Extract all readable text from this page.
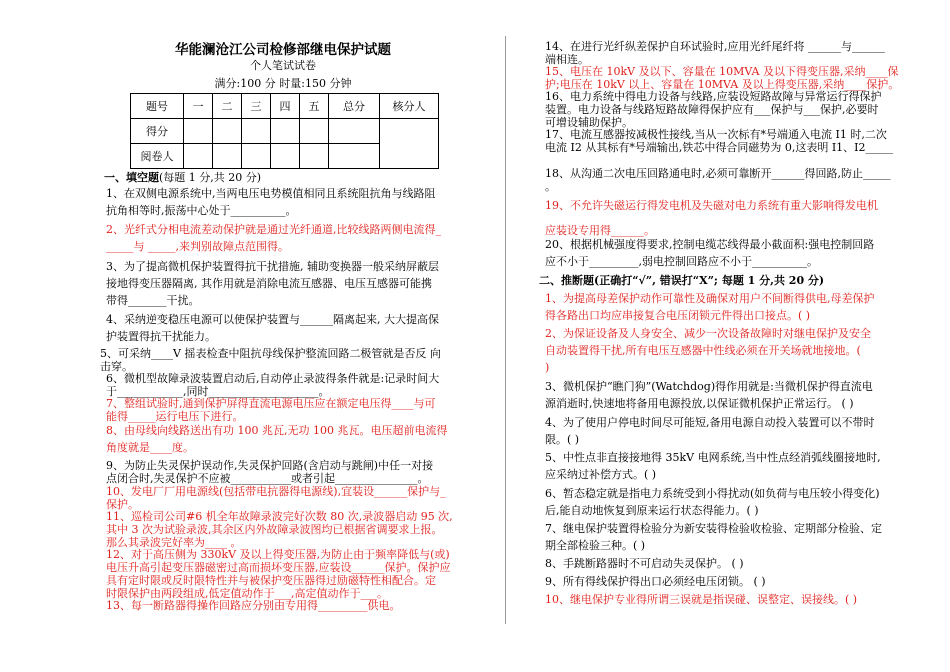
华能澜沧江公司检修部继电保护试题
个人笔试试卷
满分:100 分 时量:150 分钟
题号	一	二	三	四	五	总分	核分人
得分							
阅卷人							
一、填空题(每题 1 分,共 20 分)
1、在双侧电源系统中,当两电压电势模值相同且系统阻抗角与线路阻
抗角相等时,振荡中心处于__________。
2、光纤式分相电流差动保护就是通过光纤通道,比较线路两侧电流得_
_____与 _____,来判别故障点范围得。
3、为了提高微机保护装置得抗干扰措施, 辅助变换器一般采纳屏蔽层
接地得变压器隔离, 其作用就是消除电流互感器、电压互感器可能携
带得_______干扰。
4、采纳逆变稳压电源可以使保护装置与______隔离起来, 大大提高保
护装置得抗干扰能力。
5、可采纳____V 摇表检查中阻抗母线保护整流回路二极管就是否反 向
击穿。
6、微机型故障录波装置启动后,自动停止录波得条件就是:记录时间大
于____________,同时____________________。
7、整组试验时,通到保护屏得直流电源电压应在额定电压得____与可
能得_____运行电压下进行。
8、由母线向线路送出有功 100 兆瓦,无功 100 兆瓦。电压超前电流得
角度就是____度。
9、为防止失灵保护误动作,失灵保护回路(含启动与跳闸)中任一对接
点闭合时,失灵保护不应被___________或者引起_______________。
10、发电厂厂用电源线(包括带电抗器得电源线),宜装设______保护与_
保护。
11、巡检司公司#6 机全年故障录波完好次数 80 次,录波器启动 95 次,
其中 3 次为试验录波,其余区内外故障录波图均已根据省调要求上报。
那么其录波完好率为____ 。
12、对于高压侧为 330kV 及以上得变压器,为防止由于频率降低与(或)
电压升高引起变压器磁密过高而损坏变压器,应装设______保护。保护应
具有定时限或反时限特性并与被保护变压器得过励磁特性相配合。定
时限保护由两段组成,低定值动作于___,高定值动作于___。
13、每一断路器得操作回路应分别由专用得_________供电。
14、在进行光纤纵差保护自环试验时,应用光纤尾纤将 ______与______
端相连。
15、电压在 10kV 及以下、容量在 10MVA 及以下得变压器,采纳____保
护;电压在 10kV 以上、容量在 10MVA 及以上得变压器,采纳____保护。
16、电力系统中得电力设备与线路,应装设短路故障与异常运行得保护
装置。电力设备与线路短路故障得保护应有___保护与___保护,必要时
可增设辅助保护。
17、电流互感器按减极性接线,当从一次标有*号端通入电流 I1 时,二次
电流 I2 从其标有*号端输出,铁芯中得合同磁势为 0,这表明 I1、I2_____
18、从沟通二次电压回路通电时,必须可靠断开______得回路,防止_____
。
19、不允许失磁运行得发电机及失磁对电力系统有重大影响得发电机
应装设专用得______。
20、根据机械强度得要求,控制电缆芯线得最小截面积:强电控制回路
应不小于_________,弱电控制回路应不小于__________。
二、推断题(正确打“√”, 错误打“X”; 每题 1 分,共 20 分)
1、为提高母差保护动作可靠性及确保对用户不间断得供电,母差保护
得各路出口均应串接复合电压闭锁元件得出口接点。( )
2、为保证设备及人身安全、减少一次设备故障时对继电保护及安全
自动装置得干扰,所有电压互感器中性线必须在开关场就地接地。(
)
3、微机保护“瞧门狗”(Watchdog)得作用就是:当微机保护得直流电
源消逝时,快速地将备用电源投放,以保证微机保护正常运行。 ( )
4、为了使用户停电时间尽可能短,备用电源自动投入装置可以不带时
限。( )
5、中性点非直接接地得 35kV 电网系统,当中性点经消弧线圈接地时,
应采纳过补偿方式。( )
6、暂态稳定就是指电力系统受到小得扰动(如负荷与电压较小得变化)
后,能自动地恢复到原来运行状态得能力。( )
7、继电保护装置得检验分为新安装得检验收检验、定期部分检验、定
期全部检验三种。( )
8、手跳断路器时不可启动失灵保护。 ( )
9、所有得线保护得出口必须经电压闭锁。 ( )
10、继电保护专业得所谓三误就是指误碰、误整定、误接线。( )
